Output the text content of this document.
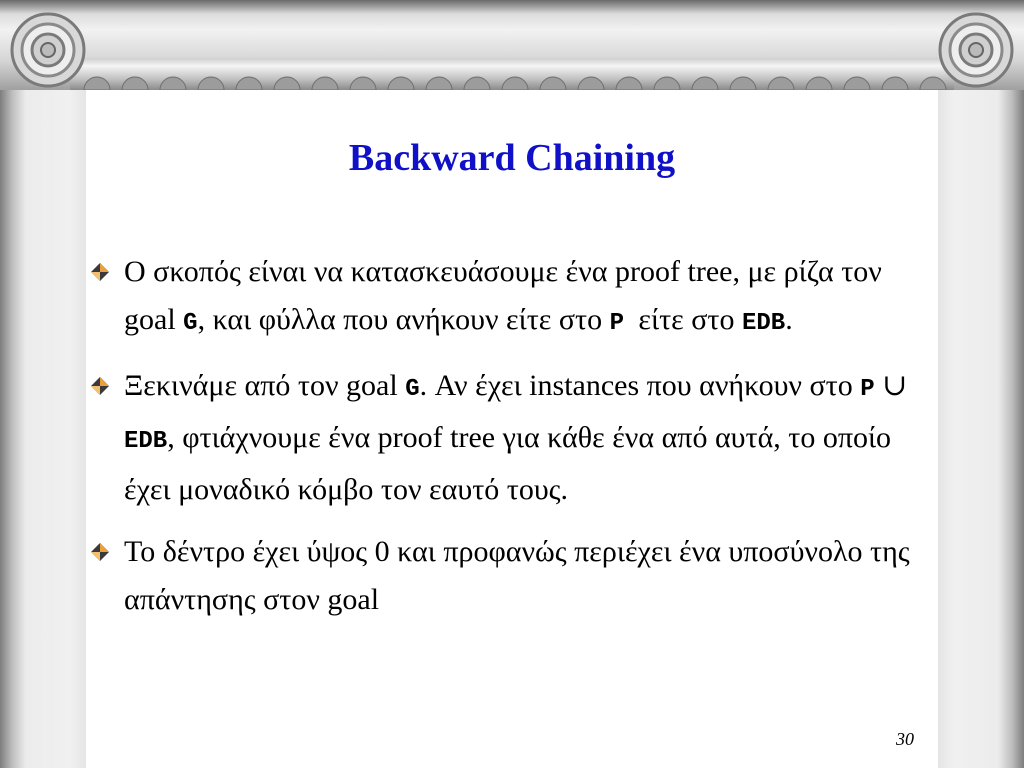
Backward Chaining
Ο σκοπός είναι να κατασκευάσουμε ένα proof tree, με ρίζα τον goal G, και φύλλα που ανήκουν είτε στο P είτε στο EDB.
Ξεκινάμε από τον goal G. Αν έχει instances που ανήκουν στο P ∪ EDB, φτιάχνουμε ένα proof tree για κάθε ένα από αυτά, το οποίο έχει μοναδικό κόμβο τον εαυτό τους.
Το δέντρο έχει ύψος 0 και προφανώς περιέχει ένα υποσύνολο της απάντησης στον goal
30
